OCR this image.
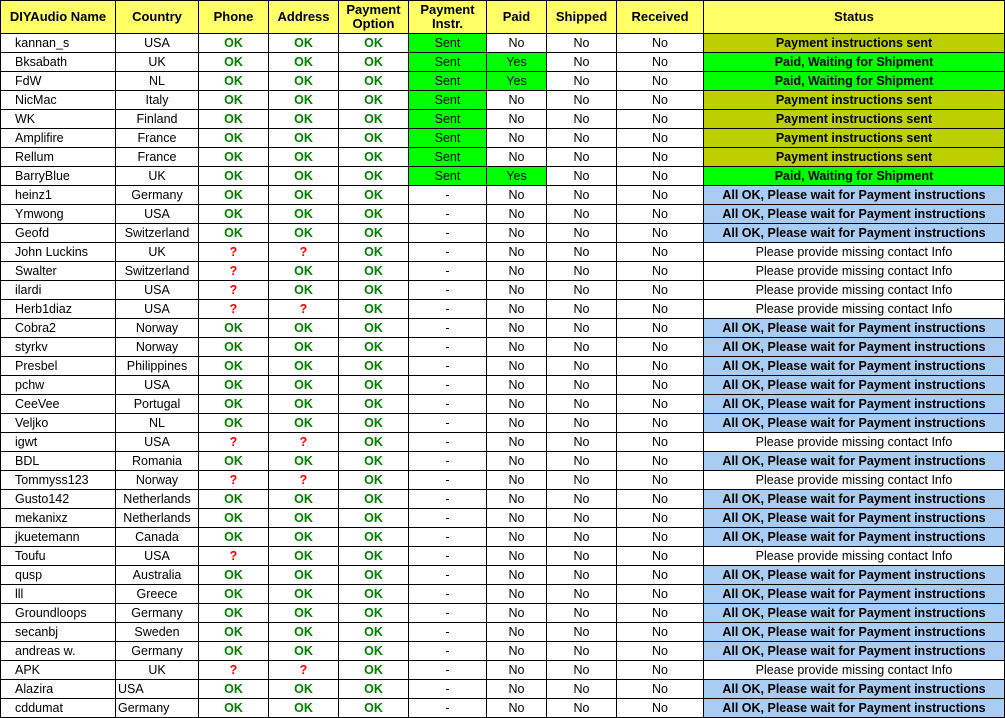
DIYAudio Name	Country	Phone	Address	Payment Option	Payment Instr.	Paid	Shipped	Received	Status
kannan_s	USA	OK	OK	OK	Sent	No	No	No	Payment instructions sent
Bksabath	UK	OK	OK	OK	Sent	Yes	No	No	Paid, Waiting for Shipment
FdW	NL	OK	OK	OK	Sent	Yes	No	No	Paid, Waiting for Shipment
NicMac	Italy	OK	OK	OK	Sent	No	No	No	Payment instructions sent
WK	Finland	OK	OK	OK	Sent	No	No	No	Payment instructions sent
Amplifire	France	OK	OK	OK	Sent	No	No	No	Payment instructions sent
Rellum	France	OK	OK	OK	Sent	No	No	No	Payment instructions sent
BarryBlue	UK	OK	OK	OK	Sent	Yes	No	No	Paid, Waiting for Shipment
heinz1	Germany	OK	OK	OK	-	No	No	No	All OK, Please wait for Payment instructions
Ymwong	USA	OK	OK	OK	-	No	No	No	All OK, Please wait for Payment instructions
Geofd	Switzerland	OK	OK	OK	-	No	No	No	All OK, Please wait for Payment instructions
John Luckins	UK	?	?	OK	-	No	No	No	Please provide missing contact Info
Swalter	Switzerland	?	OK	OK	-	No	No	No	Please provide missing contact Info
ilardi	USA	?	OK	OK	-	No	No	No	Please provide missing contact Info
Herb1diaz	USA	?	?	OK	-	No	No	No	Please provide missing contact Info
Cobra2	Norway	OK	OK	OK	-	No	No	No	All OK, Please wait for Payment instructions
styrkv	Norway	OK	OK	OK	-	No	No	No	All OK, Please wait for Payment instructions
Presbel	Philippines	OK	OK	OK	-	No	No	No	All OK, Please wait for Payment instructions
pchw	USA	OK	OK	OK	-	No	No	No	All OK, Please wait for Payment instructions
CeeVee	Portugal	OK	OK	OK	-	No	No	No	All OK, Please wait for Payment instructions
Veljko	NL	OK	OK	OK	-	No	No	No	All OK, Please wait for Payment instructions
igwt	USA	?	?	OK	-	No	No	No	Please provide missing contact Info
BDL	Romania	OK	OK	OK	-	No	No	No	All OK, Please wait for Payment instructions
Tommyss123	Norway	?	?	OK	-	No	No	No	Please provide missing contact Info
Gusto142	Netherlands	OK	OK	OK	-	No	No	No	All OK, Please wait for Payment instructions
mekanixz	Netherlands	OK	OK	OK	-	No	No	No	All OK, Please wait for Payment instructions
jkuetemann	Canada	OK	OK	OK	-	No	No	No	All OK, Please wait for Payment instructions
Toufu	USA	?	OK	OK	-	No	No	No	Please provide missing contact Info
qusp	Australia	OK	OK	OK	-	No	No	No	All OK, Please wait for Payment instructions
lll	Greece	OK	OK	OK	-	No	No	No	All OK, Please wait for Payment instructions
Groundloops	Germany	OK	OK	OK	-	No	No	No	All OK, Please wait for Payment instructions
secanbj	Sweden	OK	OK	OK	-	No	No	No	All OK, Please wait for Payment instructions
andreas w.	Germany	OK	OK	OK	-	No	No	No	All OK, Please wait for Payment instructions
APK	UK	?	?	OK	-	No	No	No	Please provide missing contact Info
Alazira	USA	OK	OK	OK	-	No	No	No	All OK, Please wait for Payment instructions
cddumat	Germany	OK	OK	OK	-	No	No	No	All OK, Please wait for Payment instructions
